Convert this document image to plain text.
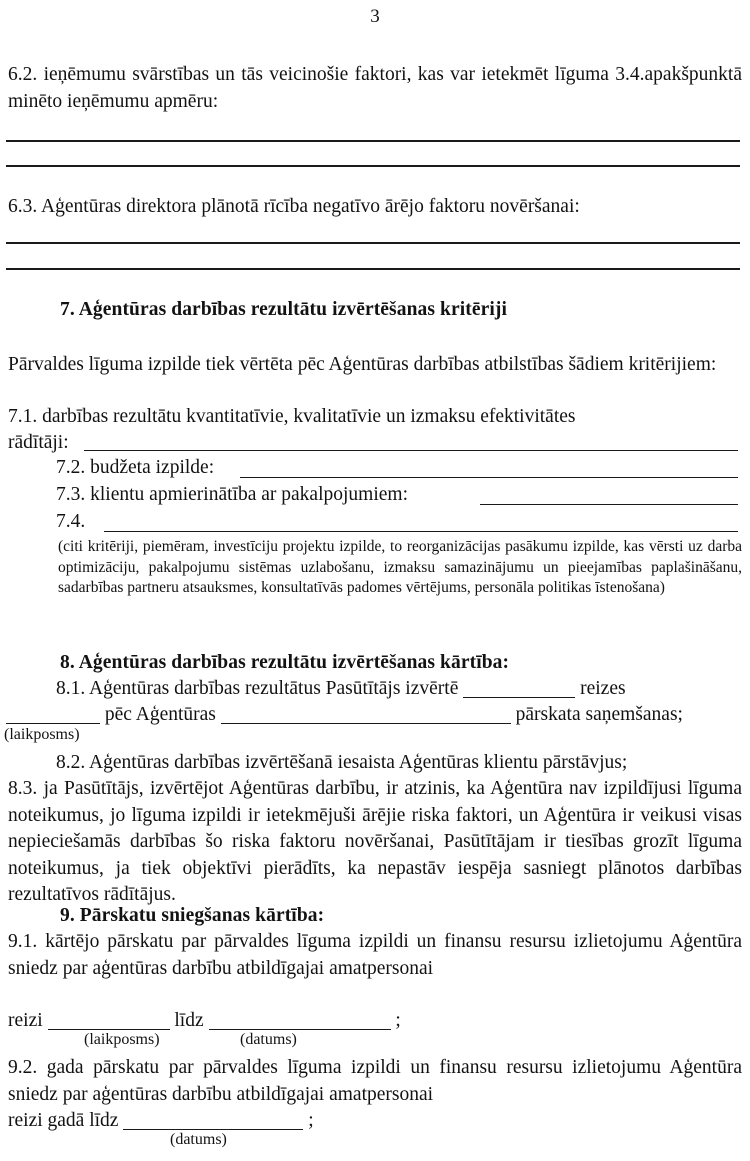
3
6.2. ieņēmumu svārstības un tās veicinošie faktori, kas var ietekmēt līguma 3.4.apakšpunktā minēto ieņēmumu apmēru:
6.3. Aģentūras direktora plānotā rīcība negatīvo ārējo faktoru novēršanai:
7. Aģentūras darbības rezultātu izvērtēšanas kritēriji
Pārvaldes līguma izpilde tiek vērtēta pēc Aģentūras darbības atbilstības šādiem kritērijiem:
7.1. darbības rezultātu kvantitatīvie, kvalitatīvie un izmaksu efektivitātes
rādītāji:
7.2. budžeta izpilde:
7.3. klientu apmierinātība ar pakalpojumiem:
7.4.
(citi kritēriji, piemēram, investīciju projektu izpilde, to reorganizācijas pasākumu izpilde, kas vērsti uz darba optimizāciju, pakalpojumu sistēmas uzlabošanu, izmaksu samazinājumu un pieejamības paplašināšanu, sadarbības partneru atsauksmes, konsultatīvās padomes vērtējums, personāla politikas īstenošana)
8. Aģentūras darbības rezultātu izvērtēšanas kārtība:
8.1. Aģentūras darbības rezultātus Pasūtītājs izvērtē	reizes
pēc Aģentūras	pārskata saņemšanas;
(laikposms)
8.2. Aģentūras darbības izvērtēšanā iesaista Aģentūras klientu pārstāvjus;
8.3. ja Pasūtītājs, izvērtējot Aģentūras darbību, ir atzinis, ka Aģentūra nav izpildījusi līguma noteikumus, jo līguma izpildi ir ietekmējuši ārējie riska faktori, un Aģentūra ir veikusi visas nepieciešamās darbības šo riska faktoru novēršanai, Pasūtītājam ir tiesības grozīt līguma noteikumus, ja tiek objektīvi pierādīts, ka nepastāv iespēja sasniegt plānotos darbības rezultatīvos rādītājus.
9. Pārskatu sniegšanas kārtība:
9.1. kārtējo pārskatu par pārvaldes līguma izpildi un finansu resursu izlietojumu Aģentūra sniedz par aģentūras darbību atbildīgajai amatpersonai
reizi	līdz	;
(laikposms)	(datums)
9.2. gada pārskatu par pārvaldes līguma izpildi un finansu resursu izlietojumu Aģentūra sniedz par aģentūras darbību atbildīgajai amatpersonai
reizi gadā līdz	;
(datums)
